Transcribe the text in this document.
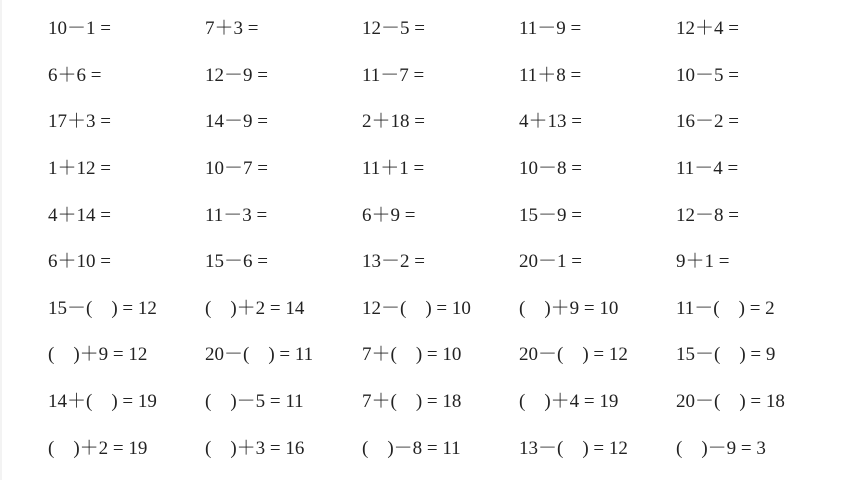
10－1 =	7＋3 =	12－5 =	11－9 =	12＋4 =
6＋6 =	12－9 =	11－7 =	11＋8 =	10－5 =
17＋3 =	14－9 =	2＋18 =	4＋13 =	16－2 =
1＋12 =	10－7 =	11＋1 =	10－8 =	11－4 =
4＋14 =	11－3 =	6＋9 =	15－9 =	12－8 =
6＋10 =	15－6 =	13－2 =	20－1 =	9＋1 =
15－(    ) = 12	(    )＋2 = 14	12－(    ) = 10	(    )＋9 = 10	11－(    ) = 2
(    )＋9 = 12	20－(    ) = 11	7＋(    ) = 10	20－(    ) = 12	15－(    ) = 9
14＋(    ) = 19	(    )－5 = 11	7＋(    ) = 18	(    )＋4 = 19	20－(    ) = 18
(    )＋2 = 19	(    )＋3 = 16	(    )－8 = 11	13－(    ) = 12	(    )－9 = 3
